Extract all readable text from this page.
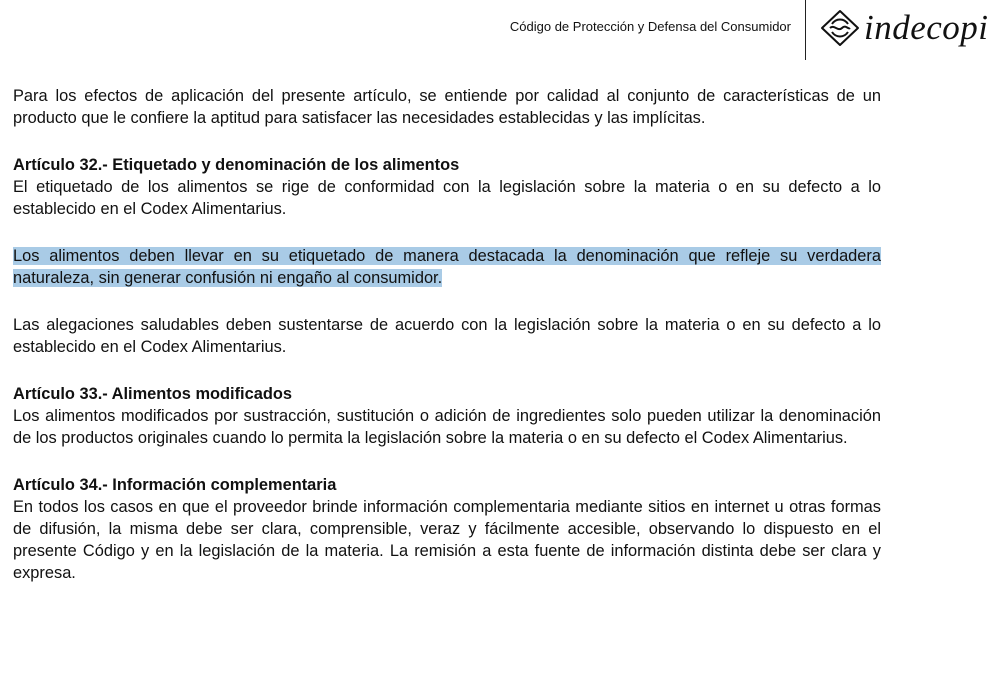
Código de Protección y Defensa del Consumidor indecopi

Para los efectos de aplicación del presente artículo, se entiende por calidad al conjunto de características de un producto que le confiere la aptitud para satisfacer las necesidades establecidas y las implícitas.

Artículo 32.- Etiquetado y denominación de los alimentos

El etiquetado de los alimentos se rige de conformidad con la legislación sobre la materia o en su defecto a lo establecido en el Codex Alimentarius.

Los alimentos deben llevar en su etiquetado de manera destacada la denominación que refleje su verdadera naturaleza, sin generar confusión ni engaño al consumidor.

Las alegaciones saludables deben sustentarse de acuerdo con la legislación sobre la materia o en su defecto a lo establecido en el Codex Alimentarius.

Artículo 33.- Alimentos modificados

Los alimentos modificados por sustracción, sustitución o adición de ingredientes solo pueden utilizar la denominación de los productos originales cuando lo permita la legislación sobre la materia o en su defecto el Codex Alimentarius.

Artículo 34.- Información complementaria

En todos los casos en que el proveedor brinde información complementaria mediante sitios en internet u otras formas de difusión, la misma debe ser clara, comprensible, veraz y fácilmente accesible, observando lo dispuesto en el presente Código y en la legislación de la materia. La remisión a esta fuente de información distinta debe ser clara y expresa.
